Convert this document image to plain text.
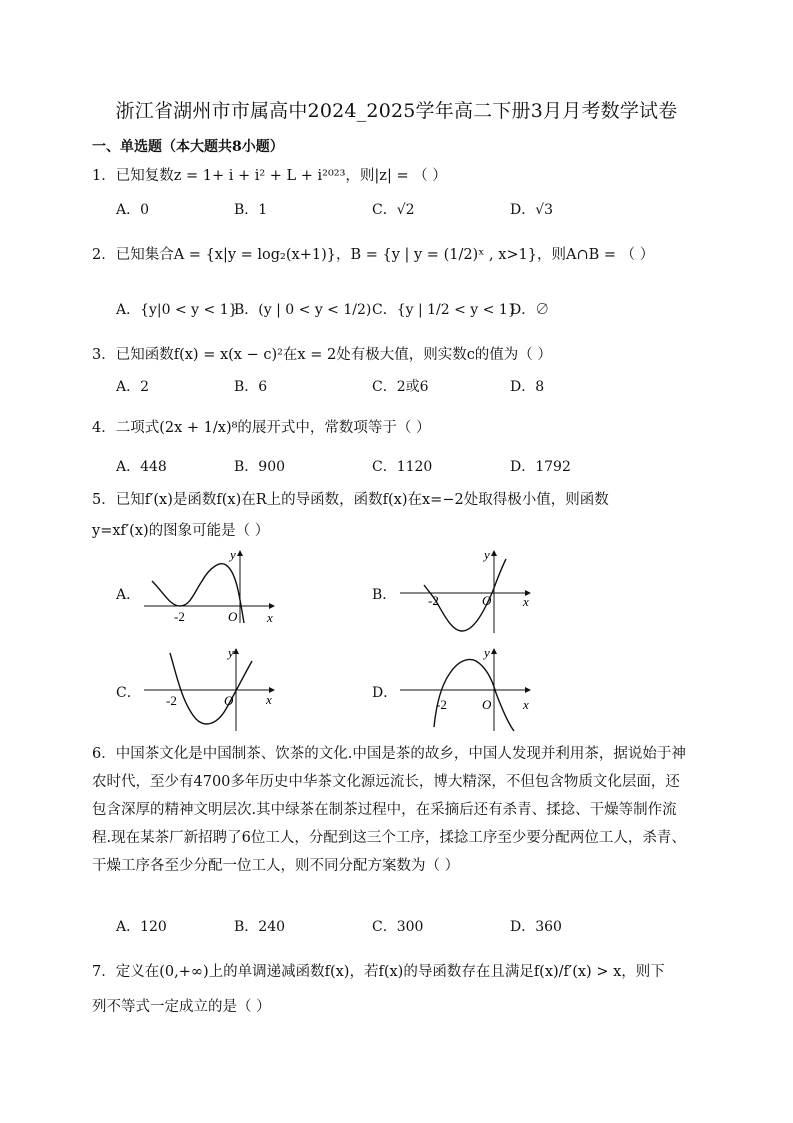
浙江省湖州市市属高中2024_2025学年高二下册3月月考数学试卷
一、单选题（本大题共8小题）
1．已知复数z = 1+ i + i² + L + i²⁰²³，则|z| = （ ）
A．0	B．1	C．√2	D．√3
2．已知集合A = {x|y = log₂(x+1)}，B = {y | y = (1/2)ˣ , x>1}，则A∩B = （ ）
A．{y|0 < y < 1}
B．(y | 0 < y < 1/2) C．{y | 1/2 < y < 1}
D．∅
3．已知函数f(x) = x(x − c)²在x = 2处有极大值，则实数c的值为（ ）
A．2	B．6	C．2或6	D．8
4．二项式(2x + 1/x)⁸的展开式中，常数项等于（ ）
A．448	B．900	C．1120	D．1792
5．已知f′(x)是函数f(x)在R上的导函数，函数f(x)在x=−2处取得极小值，则函数
y=xf′(x)的图象可能是（ ）
A．	B．
C．	D．
-2	O x
y
-2	O x
y
-2	O	x
y
-2	O x
y
6．中国茶文化是中国制茶、饮茶的文化.中国是茶的故乡，中国人发现并利用茶，据说始于神农时代，至少有4700多年历史中华茶文化源远流长，博大精深，不但包含物质文化层面，还包含深厚的精神文明层次.其中绿茶在制茶过程中，在采摘后还有杀青、揉捻、干燥等制作流程.现在某茶厂新招聘了6位工人，分配到这三个工序，揉捻工序至少要分配两位工人，杀青、干燥工序各至少分配一位工人，则不同分配方案数为（ ）
A．120	B．240	C．300	D．360
7．定义在(0,+∞)上的单调递减函数f(x)，若f(x)的导函数存在且满足f(x)/f′(x) > x，则下
列不等式一定成立的是（ ）
